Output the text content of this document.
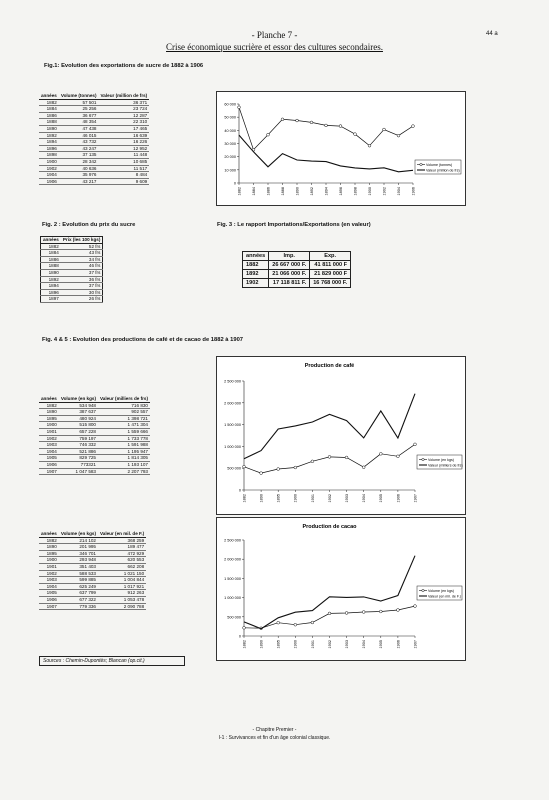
- Planche 7 -
Crise économique sucrière et essor des cultures secondaires.
44 a
Fig.1: Evolution des exportations de sucre de 1882 à 1906
années	Volume (tonnes)	Valeur (million de frs)
1882	57 501	36 371
1884	25 256	23 724
1886	36 677	12 287
1888	48 354	22 310
1890	47 438	17 465
1892	46 015	16 639
1894	43 732	16 226
1896	43 247	12 952
1898	37 135	11 448
1900	28 342	10 685
1902	40 636	11 517
1904	35 976	8 484
1906	43 217	9 609	0
10 000
20 000
30 000
40 000
50 000
60 000
1882	1884	1886	1888	1890	1892	1894	1896	1898	1900	1902	1904	1906
Volume (tonnes)
Valeur (million de frs)
Fig. 2 : Evolution du prix du sucre
années	Prix (les 100 kgs)
1882	52 frs
1884	43 frs
1886	34 frs
1888	46 frs
1890	37 frs
1892	36 frs
1894	37 frs
1896	30 frs
1897	26 frs
Fig. 3 : Le rapport Importations/Exportations (en valeur)
années	Imp.	Exp.
1882	26 667 000 F.	41 811 000 F
1892	21 066 000 F.	21 829 000 F
1902	17 118 811 F.	16 768 000 F.
Fig. 4 & 5 : Evolution des productions de café et de cacao de 1882 à 1907
années	Volume (en kgs)	Valeur (milliers de frs)
1882	534 948	716 830
1890	387 637	902 557
1895	480 924	1 398 721
1900	515 800	1 471 304
1901	657 228	1 559 666
1902	759 197	1 733 778
1903	746 332	1 591 988
1904	521 886	1 195 947
1905	829 725	1 814 305
1906	773321	1 193 107
1907	1 047 583	2 207 793
Production de café
0
500 000
1 000 000
1 500 000
2 000 000
2 500 000
1882	1890	1895	1900	1901	1902	1903	1904	1905	1906	1907
Volume (en kgs)
Valeur (milliers de frs)
années	Volume (en kgs)	Valeur (en mil. de F.)
1882	214 102	368 259
1890	201 995	189 477
1895	346 701	472 929
1900	293 948	620 553
1901	351 403	662 208
1902	588 533	1 021 150
1903	599 885	1 004 844
1904	625 249	1 017 921
1905	637 799	912 263
1906	677 322	1 053 478
1907	779 336	2 090 788
Production de cacao
0
500 000
1 000 000
1 500 000
2 000 000
2 500 000
1882	1890	1895	1900	1901	1902	1903	1904	1905	1906	1907
Volume (en kgs)
Valeur (en mil. de F.)
Sources : Chemin-Dupontès; Blancan (op.cit.)
- Chapitre Premier -
I-1 : Survivances et fin d'un âge colonial classique.
